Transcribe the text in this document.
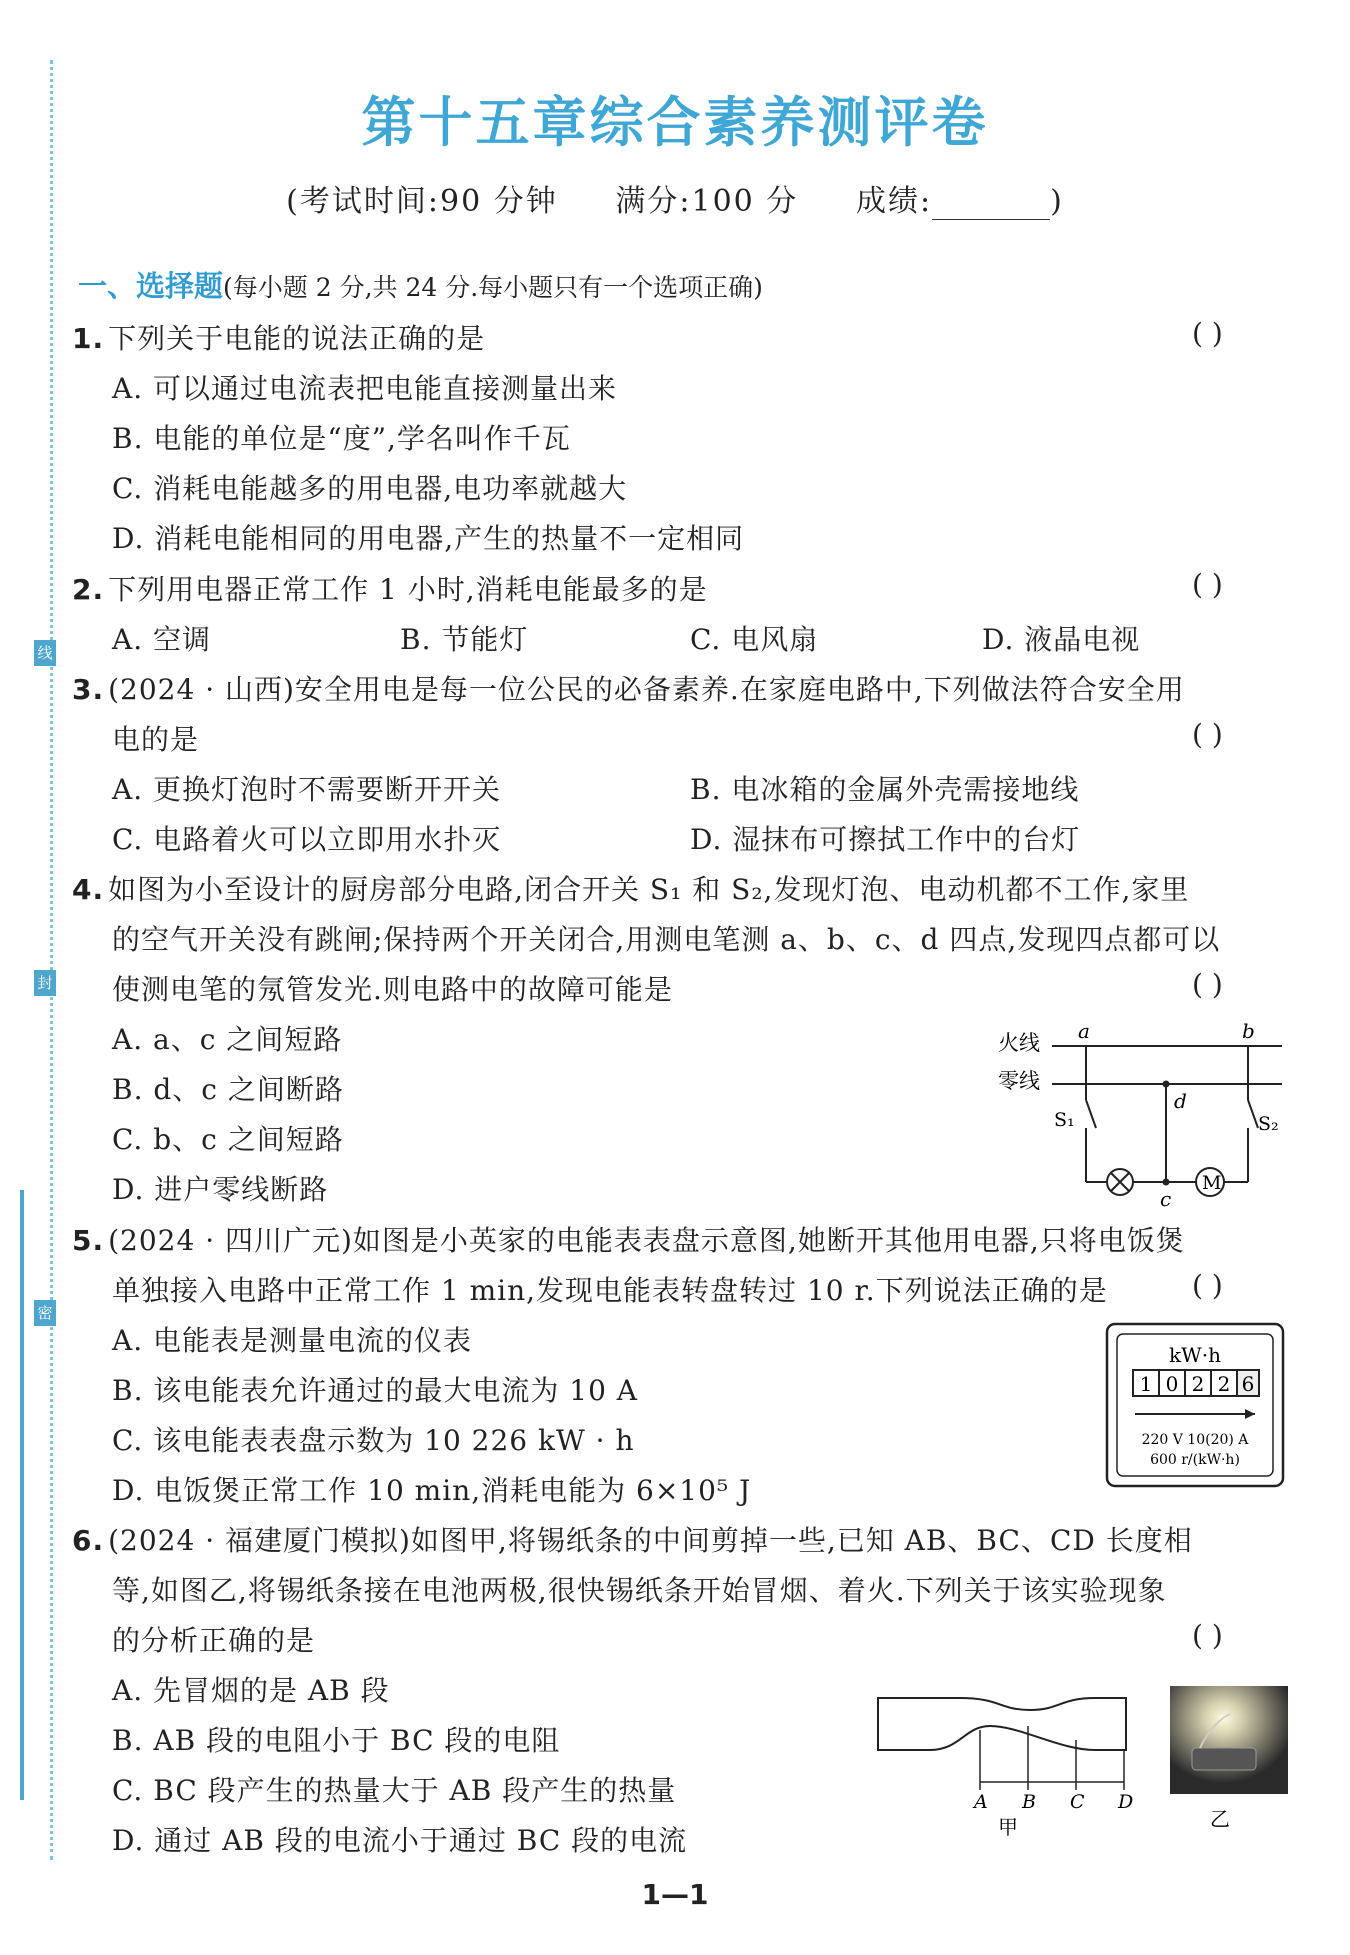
线
封
密
第十五章综合素养测评卷
(考试时间:90 分钟 满分:100 分 成绩:	)
一、选择题(每小题 2 分,共 24 分.每小题只有一个选项正确)
1. 下列关于电能的说法正确的是	( )
A. 可以通过电流表把电能直接测量出来
B. 电能的单位是“度”,学名叫作千瓦
C. 消耗电能越多的用电器,电功率就越大
D. 消耗电能相同的用电器,产生的热量不一定相同
2. 下列用电器正常工作 1 小时,消耗电能最多的是	( )
A. 空调	B. 节能灯	C. 电风扇	D. 液晶电视
3. (2024 · 山西)安全用电是每一位公民的必备素养.在家庭电路中,下列做法符合安全用
电的是	( )
A. 更换灯泡时不需要断开开关	B. 电冰箱的金属外壳需接地线
C. 电路着火可以立即用水扑灭	D. 湿抹布可擦拭工作中的台灯
4. 如图为小至设计的厨房部分电路,闭合开关 S₁ 和 S₂,发现灯泡、电动机都不工作,家里
的空气开关没有跳闸;保持两个开关闭合,用测电笔测 a、b、c、d 四点,发现四点都可以
使测电笔的氖管发光.则电路中的故障可能是	( )
A. a、c 之间短路
B. d、c 之间断路
C. b、c 之间短路
D. 进户零线断路
火线
零线
a	b
S₁	S₂
d
c
M
5. (2024 · 四川广元)如图是小英家的电能表表盘示意图,她断开其他用电器,只将电饭煲
单独接入电路中正常工作 1 min,发现电能表转盘转过 10 r.下列说法正确的是	( )
A. 电能表是测量电流的仪表
B. 该电能表允许通过的最大电流为 10 A
C. 该电能表表盘示数为 10 226 kW · h
D. 电饭煲正常工作 10 min,消耗电能为 6×10⁵ J
kW·h
1 0 2 2 6
220 V 10(20) A
600 r/(kW·h)
6. (2024 · 福建厦门模拟)如图甲,将锡纸条的中间剪掉一些,已知 AB、BC、CD 长度相
等,如图乙,将锡纸条接在电池两极,很快锡纸条开始冒烟、着火.下列关于该实验现象
的分析正确的是	( )
A. 先冒烟的是 AB 段
B. AB 段的电阻小于 BC 段的电阻
C. BC 段产生的热量大于 AB 段产生的热量
D. 通过 AB 段的电流小于通过 BC 段的电流
A B C D
甲	乙
1—1
